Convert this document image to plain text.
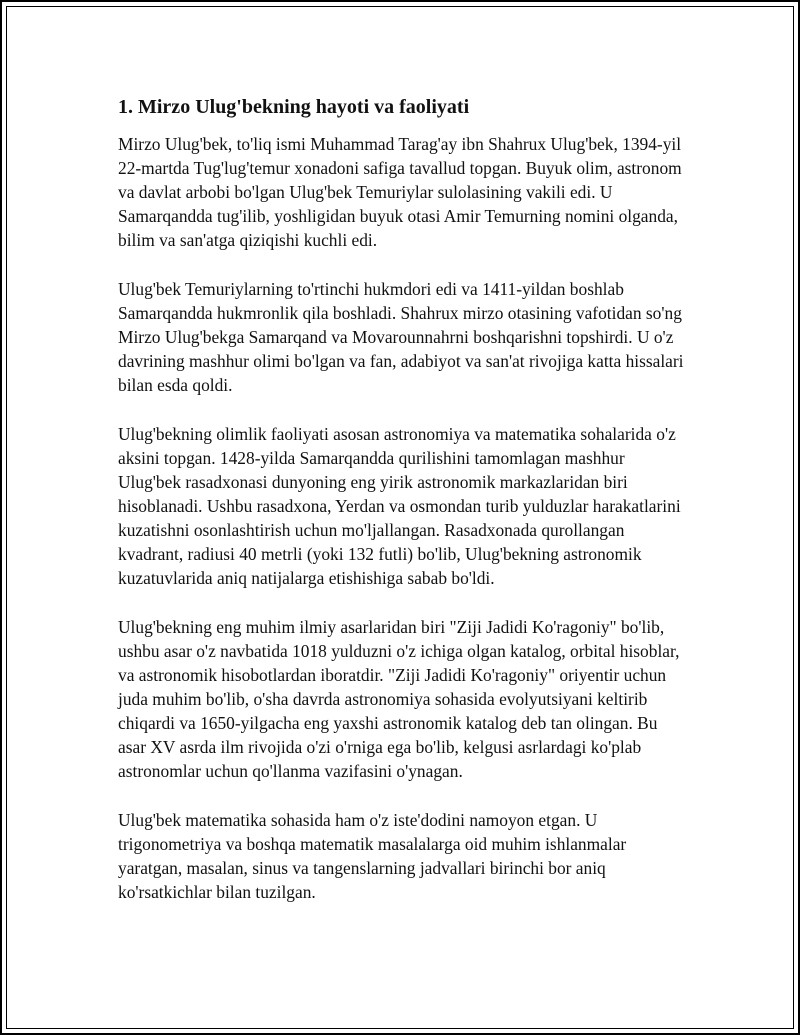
1. Mirzo Ulug'bekning hayoti va faoliyati

Mirzo Ulug'bek, to'liq ismi Muhammad Tarag'ay ibn Shahrux Ulug'bek, 1394-yil 22-martda Tug'lug'temur xonadoni safiga tavallud topgan. Buyuk olim, astronom va davlat arbobi bo'lgan Ulug'bek Temuriylar sulolasining vakili edi. U Samarqandda tug'ilib, yoshligidan buyuk otasi Amir Temurning nomini olganda, bilim va san'atga qiziqishi kuchli edi.

Ulug'bek Temuriylarning to'rtinchi hukmdori edi va 1411-yildan boshlab Samarqandda hukmronlik qila boshladi. Shahrux mirzo otasining vafotidan so'ng Mirzo Ulug'bekga Samarqand va Movarounnahrni boshqarishni topshirdi. U o'z davrining mashhur olimi bo'lgan va fan, adabiyot va san'at rivojiga katta hissalari bilan esda qoldi.

Ulug'bekning olimlik faoliyati asosan astronomiya va matematika sohalarida o'z aksini topgan. 1428-yilda Samarqandda qurilishini tamomlagan mashhur Ulug'bek rasadxonasi dunyoning eng yirik astronomik markazlaridan biri hisoblanadi. Ushbu rasadxona, Yerdan va osmondan turib yulduzlar harakatlarini kuzatishni osonlashtirish uchun mo'ljallangan. Rasadxonada qurollangan kvadrant, radiusi 40 metrli (yoki 132 futli) bo'lib, Ulug'bekning astronomik kuzatuvlarida aniq natijalarga etishishiga sabab bo'ldi.

Ulug'bekning eng muhim ilmiy asarlaridan biri "Ziji Jadidi Ko'ragoniy" bo'lib, ushbu asar o'z navbatida 1018 yulduzni o'z ichiga olgan katalog, orbital hisoblar, va astronomik hisobotlardan iboratdir. "Ziji Jadidi Ko'ragoniy" oriyentir uchun juda muhim bo'lib, o'sha davrda astronomiya sohasida evolyutsiyani keltirib chiqardi va 1650-yilgacha eng yaxshi astronomik katalog deb tan olingan. Bu asar XV asrda ilm rivojida o'zi o'rniga ega bo'lib, kelgusi asrlardagi ko'plab astronomlar uchun qo'llanma vazifasini o'ynagan.

Ulug'bek matematika sohasida ham o'z iste'dodini namoyon etgan. U trigonometriya va boshqa matematik masalalarga oid muhim ishlanmalar yaratgan, masalan, sinus va tangenslarning jadvallari birinchi bor aniq ko'rsatkichlar bilan tuzilgan.
